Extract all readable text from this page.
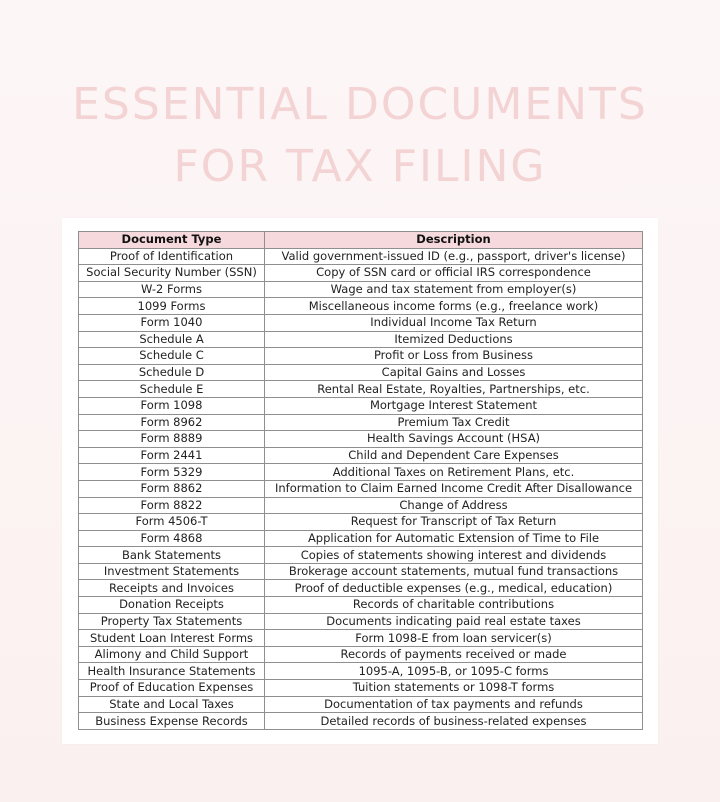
ESSENTIAL DOCUMENTS
FOR TAX FILING
Document Type	Description
Proof of Identification	Valid government-issued ID (e.g., passport, driver's license)
Social Security Number (SSN)	Copy of SSN card or official IRS correspondence
W-2 Forms	Wage and tax statement from employer(s)
1099 Forms	Miscellaneous income forms (e.g., freelance work)
Form 1040	Individual Income Tax Return
Schedule A	Itemized Deductions
Schedule C	Profit or Loss from Business
Schedule D	Capital Gains and Losses
Schedule E	Rental Real Estate, Royalties, Partnerships, etc.
Form 1098	Mortgage Interest Statement
Form 8962	Premium Tax Credit
Form 8889	Health Savings Account (HSA)
Form 2441	Child and Dependent Care Expenses
Form 5329	Additional Taxes on Retirement Plans, etc.
Form 8862	Information to Claim Earned Income Credit After Disallowance
Form 8822	Change of Address
Form 4506-T	Request for Transcript of Tax Return
Form 4868	Application for Automatic Extension of Time to File
Bank Statements	Copies of statements showing interest and dividends
Investment Statements	Brokerage account statements, mutual fund transactions
Receipts and Invoices	Proof of deductible expenses (e.g., medical, education)
Donation Receipts	Records of charitable contributions
Property Tax Statements	Documents indicating paid real estate taxes
Student Loan Interest Forms	Form 1098-E from loan servicer(s)
Alimony and Child Support	Records of payments received or made
Health Insurance Statements	1095-A, 1095-B, or 1095-C forms
Proof of Education Expenses	Tuition statements or 1098-T forms
State and Local Taxes	Documentation of tax payments and refunds
Business Expense Records	Detailed records of business-related expenses
